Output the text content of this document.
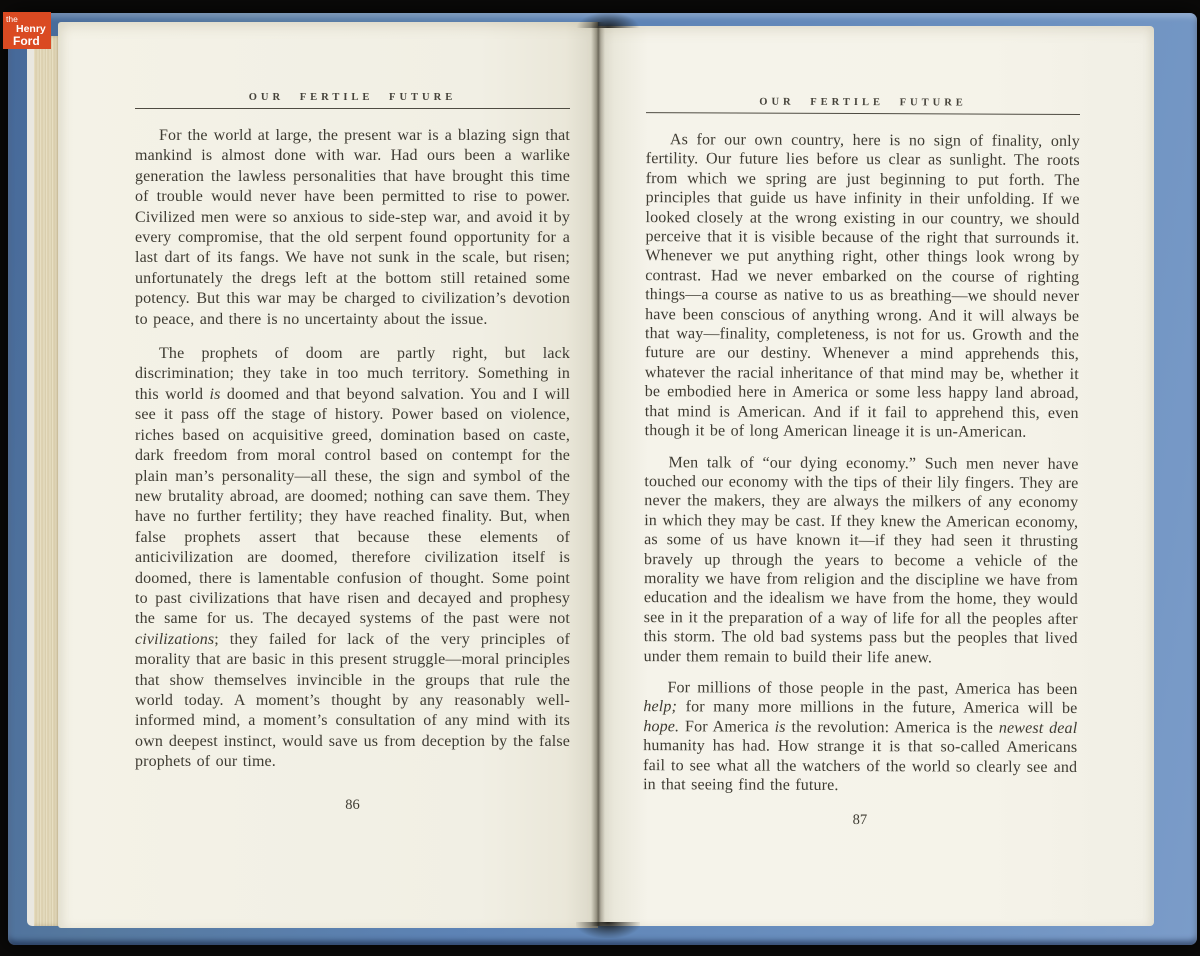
OUR FERTILE FUTURE

For the world at large, the present war is a blazing sign that mankind is almost done with war. Had ours been a warlike generation the lawless personalities that have brought this time of trouble would never have been permitted to rise to power. Civilized men were so anxious to side-step war, and avoid it by every compromise, that the old serpent found opportunity for a last dart of its fangs. We have not sunk in the scale, but risen; unfortunately the dregs left at the bottom still retained some potency. But this war may be charged to civilization’s devotion to peace, and there is no uncertainty about the issue.

The prophets of doom are partly right, but lack discrimination; they take in too much territory. Something in this world is doomed and that beyond salvation. You and I will see it pass off the stage of history. Power based on violence, riches based on acquisitive greed, domination based on caste, dark freedom from moral control based on contempt for the plain man’s personality—all these, the sign and symbol of the new brutality abroad, are doomed; nothing can save them. They have no further fertility; they have reached finality. But, when false prophets assert that because these elements of anticivilization are doomed, therefore civilization itself is doomed, there is lamentable confusion of thought. Some point to past civilizations that have risen and decayed and prophesy the same for us. The decayed systems of the past were not civilizations; they failed for lack of the very principles of morality that are basic in this present struggle—moral principles that show themselves invincible in the groups that rule the world today. A moment’s thought by any reasonably well-informed mind, a moment’s consultation of any mind with its own deepest instinct, would save us from deception by the false prophets of our time.

86
OUR FERTILE FUTURE

As for our own country, here is no sign of finality, only fertility. Our future lies before us clear as sunlight. The roots from which we spring are just beginning to put forth. The principles that guide us have infinity in their unfolding. If we looked closely at the wrong existing in our country, we should perceive that it is visible because of the right that surrounds it. Whenever we put anything right, other things look wrong by contrast. Had we never embarked on the course of righting things—a course as native to us as breathing—we should never have been conscious of anything wrong. And it will always be that way—finality, completeness, is not for us. Growth and the future are our destiny. Whenever a mind apprehends this, whatever the racial inheritance of that mind may be, whether it be embodied here in America or some less happy land abroad, that mind is American. And if it fail to apprehend this, even though it be of long American lineage it is un-American.

Men talk of “our dying economy.” Such men never have touched our economy with the tips of their lily fingers. They are never the makers, they are always the milkers of any economy in which they may be cast. If they knew the American economy, as some of us have known it—if they had seen it thrusting bravely up through the years to become a vehicle of the morality we have from religion and the discipline we have from education and the idealism we have from the home, they would see in it the preparation of a way of life for all the peoples after this storm. The old bad systems pass but the peoples that lived under them remain to build their life anew.

For millions of those people in the past, America has been help; for many more millions in the future, America will be hope. For America is the revolution: America is the newest deal humanity has had. How strange it is that so-called Americans fail to see what all the watchers of the world so clearly see and in that seeing find the future.

87
the
Henry
Ford
